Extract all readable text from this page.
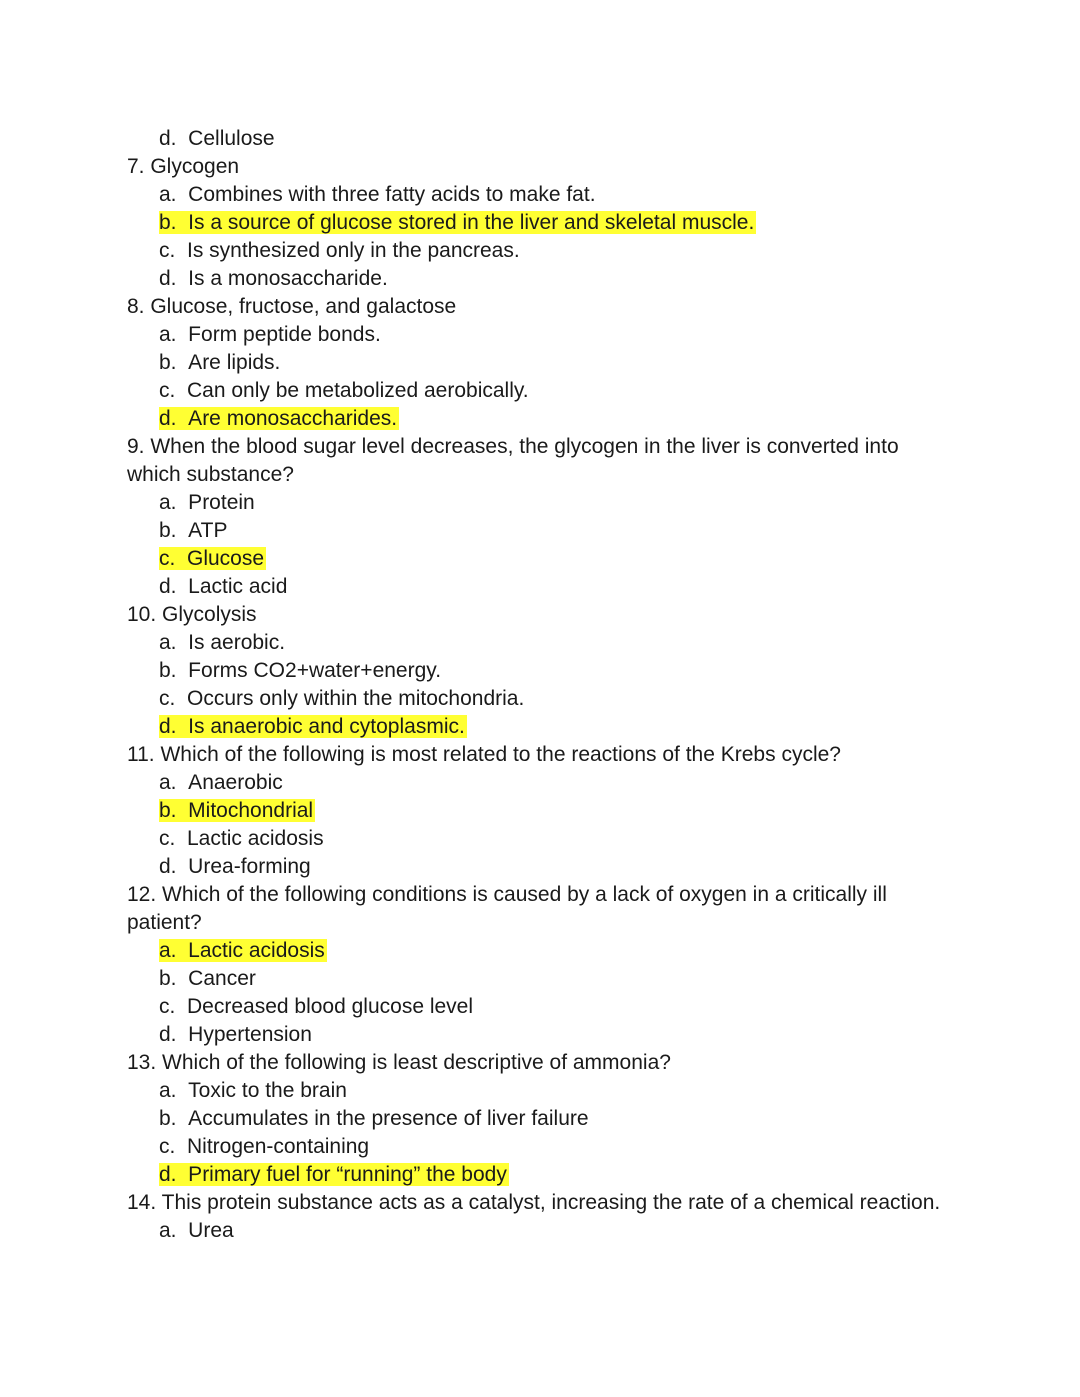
d.  Cellulose
7. Glycogen
a.  Combines with three fatty acids to make fat.
b.  Is a source of glucose stored in the liver and skeletal muscle.
c.  Is synthesized only in the pancreas.
d.  Is a monosaccharide.
8. Glucose, fructose, and galactose
a.  Form peptide bonds.
b.  Are lipids.
c.  Can only be metabolized aerobically.
d.  Are monosaccharides.
9. When the blood sugar level decreases, the glycogen in the liver is converted into
which substance?
a.  Protein
b.  ATP
c.  Glucose
d.  Lactic acid
10. Glycolysis
a.  Is aerobic.
b.  Forms CO2+water+energy.
c.  Occurs only within the mitochondria.
d.  Is anaerobic and cytoplasmic.
11. Which of the following is most related to the reactions of the Krebs cycle?
a.  Anaerobic
b.  Mitochondrial
c.  Lactic acidosis
d.  Urea-forming
12. Which of the following conditions is caused by a lack of oxygen in a critically ill
patient?
a.  Lactic acidosis
b.  Cancer
c.  Decreased blood glucose level
d.  Hypertension
13. Which of the following is least descriptive of ammonia?
a.  Toxic to the brain
b.  Accumulates in the presence of liver failure
c.  Nitrogen-containing
d.  Primary fuel for “running” the body
14. This protein substance acts as a catalyst, increasing the rate of a chemical reaction.
a.  Urea
